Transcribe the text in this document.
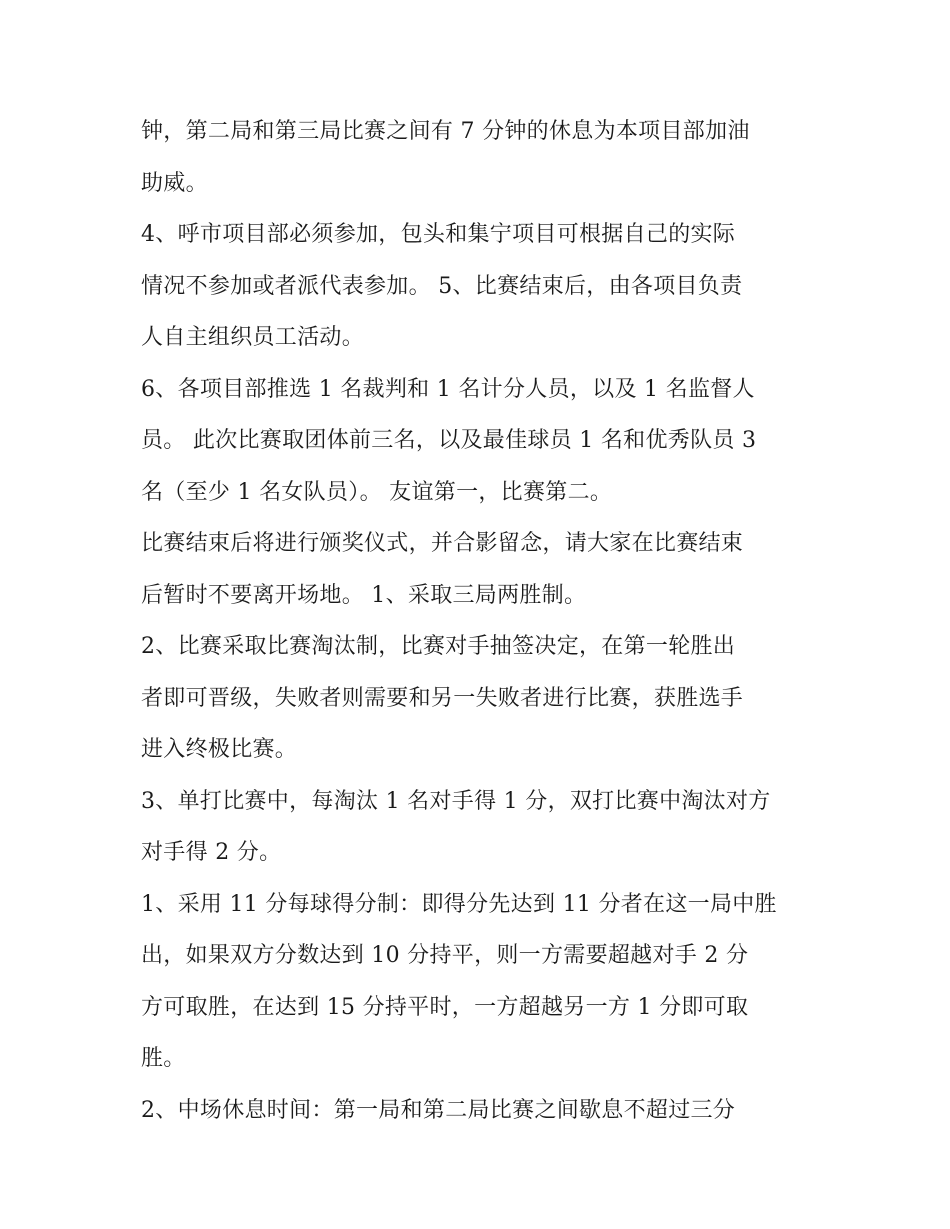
钟，第二局和第三局比赛之间有 7 分钟的休息为本项目部加油
助威。

4、呼市项目部必须参加，包头和集宁项目可根据自己的实际
情况不参加或者派代表参加。 5、比赛结束后，由各项目负责
人自主组织员工活动。

6、各项目部推选 1 名裁判和 1 名计分人员，以及 1 名监督人
员。 此次比赛取团体前三名，以及最佳球员 1 名和优秀队员 3
名（至少 1 名女队员）。 友谊第一，比赛第二。

比赛结束后将进行颁奖仪式，并合影留念，请大家在比赛结束
后暂时不要离开场地。 1、采取三局两胜制。

2、比赛采取比赛淘汰制，比赛对手抽签决定，在第一轮胜出
者即可晋级，失败者则需要和另一失败者进行比赛，获胜选手
进入终极比赛。

3、单打比赛中，每淘汰 1 名对手得 1 分，双打比赛中淘汰对方
对手得 2 分。

1、采用 11 分每球得分制：即得分先达到 11 分者在这一局中胜
出，如果双方分数达到 10 分持平，则一方需要超越对手 2 分
方可取胜，在达到 15 分持平时，一方超越另一方 1 分即可取
胜。

2、中场休息时间：第一局和第二局比赛之间歇息不超过三分
